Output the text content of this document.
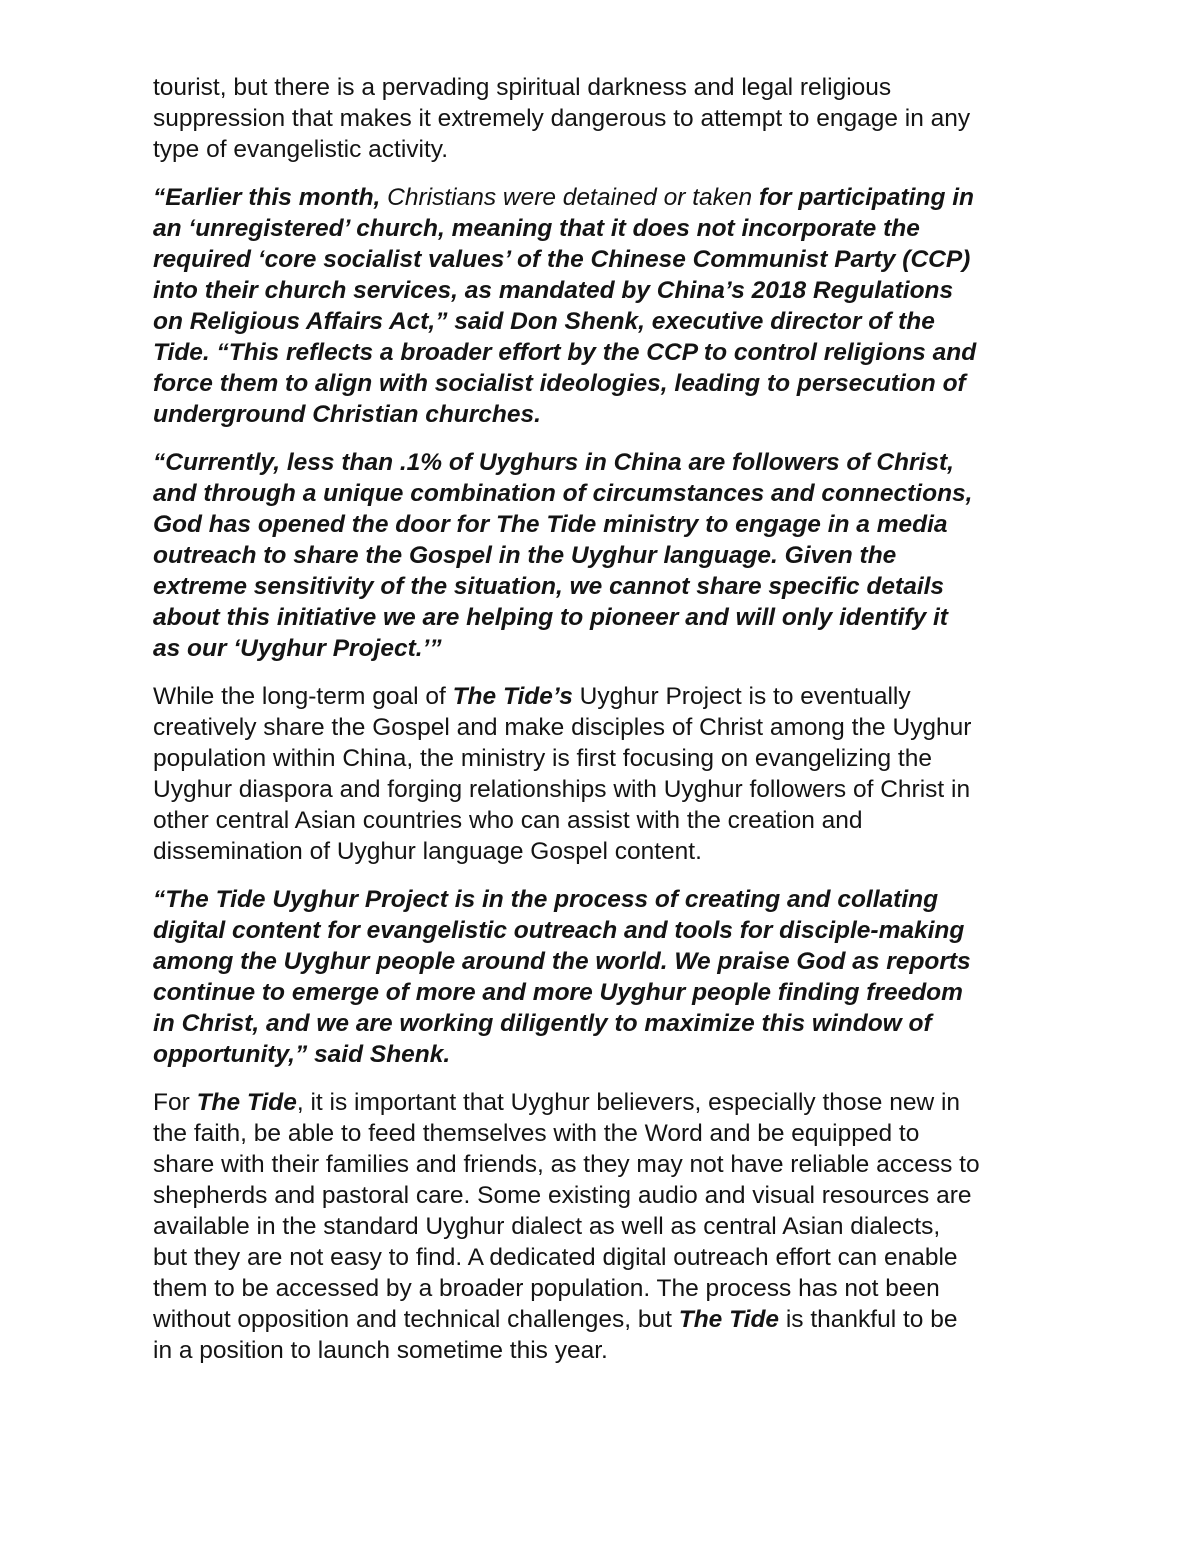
tourist, but there is a pervading spiritual darkness and legal religious
suppression that makes it extremely dangerous to attempt to engage in any
type of evangelistic activity.

“Earlier this month, Christians were detained or taken for participating in
an ‘unregistered’ church, meaning that it does not incorporate the
required ‘core socialist values’ of the Chinese Communist Party (CCP)
into their church services, as mandated by China’s 2018 Regulations
on Religious Affairs Act,” said Don Shenk, executive director of the
Tide. “This reflects a broader effort by the CCP to control religions and
force them to align with socialist ideologies, leading to persecution of
underground Christian churches.

“Currently, less than .1% of Uyghurs in China are followers of Christ,
and through a unique combination of circumstances and connections,
God has opened the door for The Tide ministry to engage in a media
outreach to share the Gospel in the Uyghur language. Given the
extreme sensitivity of the situation, we cannot share specific details
about this initiative we are helping to pioneer and will only identify it
as our ‘Uyghur Project.’”

While the long-term goal of The Tide’s Uyghur Project is to eventually
creatively share the Gospel and make disciples of Christ among the Uyghur
population within China, the ministry is first focusing on evangelizing the
Uyghur diaspora and forging relationships with Uyghur followers of Christ in
other central Asian countries who can assist with the creation and
dissemination of Uyghur language Gospel content.

“The Tide Uyghur Project is in the process of creating and collating
digital content for evangelistic outreach and tools for disciple-making
among the Uyghur people around the world. We praise God as reports
continue to emerge of more and more Uyghur people finding freedom
in Christ, and we are working diligently to maximize this window of
opportunity,” said Shenk.

For The Tide, it is important that Uyghur believers, especially those new in
the faith, be able to feed themselves with the Word and be equipped to
share with their families and friends, as they may not have reliable access to
shepherds and pastoral care. Some existing audio and visual resources are
available in the standard Uyghur dialect as well as central Asian dialects,
but they are not easy to find. A dedicated digital outreach effort can enable
them to be accessed by a broader population. The process has not been
without opposition and technical challenges, but The Tide is thankful to be
in a position to launch sometime this year.
